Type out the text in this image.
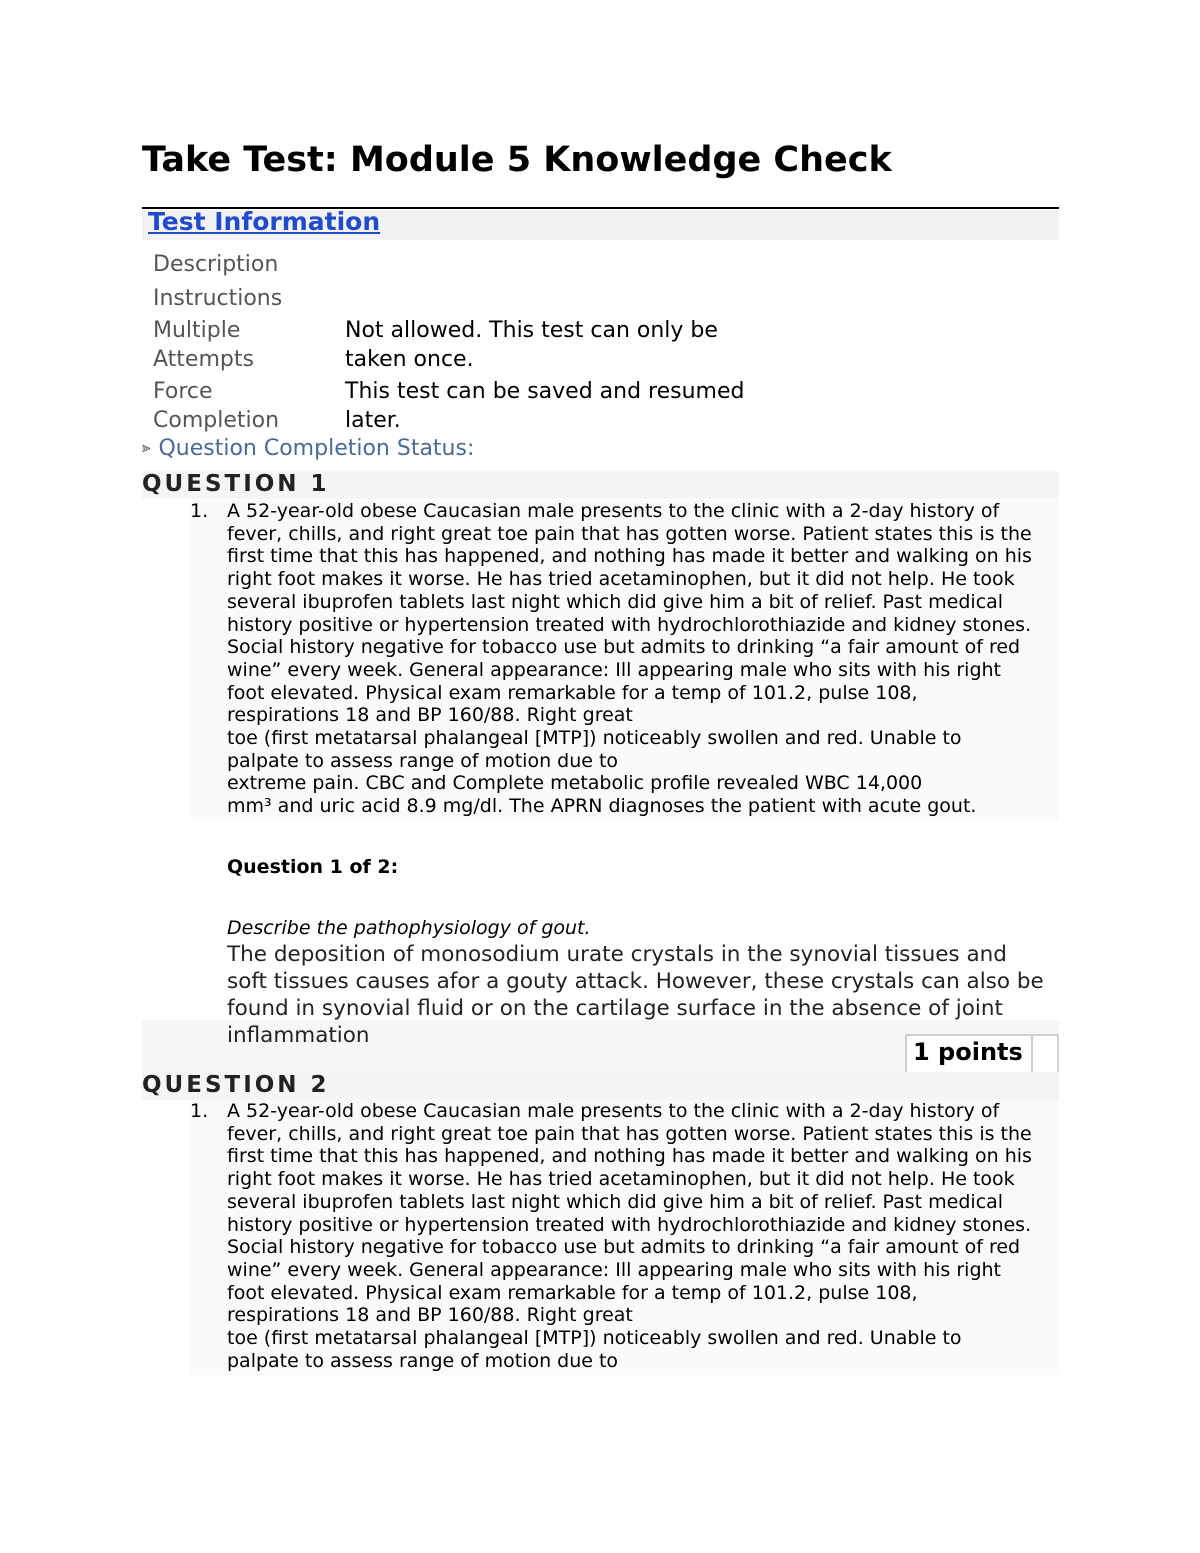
Take Test: Module 5 Knowledge Check
Test Information
Description
Instructions
Multiple Attempts
Not allowed. This test can only be taken once.
Force Completion
This test can be saved and resumed later.
⫸ Question Completion Status:
QUESTION 1
1. A 52-year-old obese Caucasian male presents to the clinic with a 2-day history of
fever, chills, and right great toe pain that has gotten worse. Patient states this is the
first time that this has happened, and nothing has made it better and walking on his
right foot makes it worse. He has tried acetaminophen, but it did not help. He took
several ibuprofen tablets last night which did give him a bit of relief. Past medical
history positive or hypertension treated with hydrochlorothiazide and kidney stones.
Social history negative for tobacco use but admits to drinking “a fair amount of red
wine” every week. General appearance: Ill appearing male who sits with his right
foot elevated. Physical exam remarkable for a temp of 101.2, pulse 108,
respirations 18 and BP 160/88. Right great
toe (first metatarsal phalangeal [MTP]) noticeably swollen and red. Unable to
palpate to assess range of motion due to
extreme pain. CBC and Complete metabolic profile revealed WBC 14,000
mm³ and uric acid 8.9 mg/dl. The APRN diagnoses the patient with acute gout.
Question 1 of 2:
Describe the pathophysiology of gout.
The deposition of monosodium urate crystals in the synovial tissues and soft tissues causes afor a gouty attack. However, these crystals can also be found in synovial fluid or on the cartilage surface in the absence of joint inflammation
1 points
QUESTION 2
1. A 52-year-old obese Caucasian male presents to the clinic with a 2-day history of
fever, chills, and right great toe pain that has gotten worse. Patient states this is the
first time that this has happened, and nothing has made it better and walking on his
right foot makes it worse. He has tried acetaminophen, but it did not help. He took
several ibuprofen tablets last night which did give him a bit of relief. Past medical
history positive or hypertension treated with hydrochlorothiazide and kidney stones.
Social history negative for tobacco use but admits to drinking “a fair amount of red
wine” every week. General appearance: Ill appearing male who sits with his right
foot elevated. Physical exam remarkable for a temp of 101.2, pulse 108,
respirations 18 and BP 160/88. Right great
toe (first metatarsal phalangeal [MTP]) noticeably swollen and red. Unable to
palpate to assess range of motion due to
